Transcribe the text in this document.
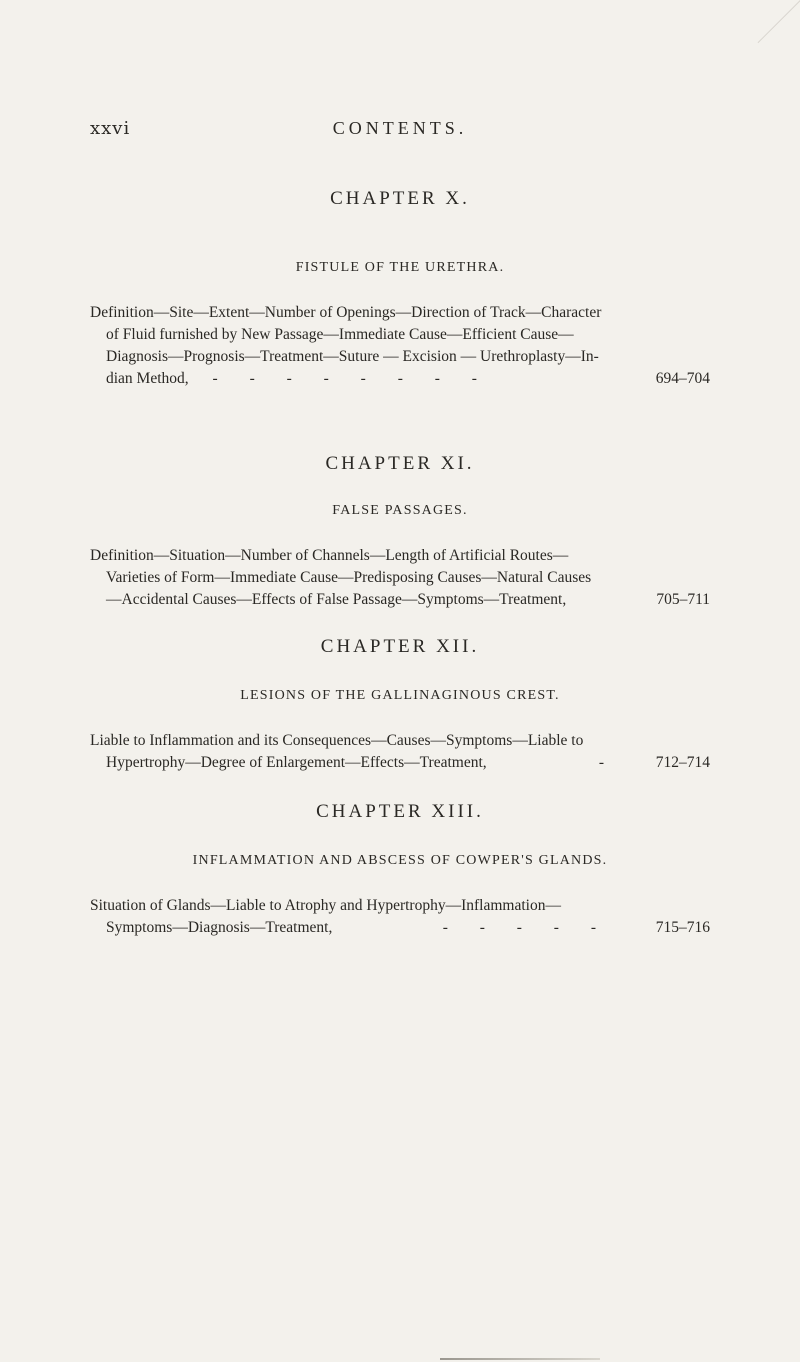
xxvi	CONTENTS.

CHAPTER X.

FISTULE OF THE URETHRA.

Definition—Site—Extent—Number of Openings—Direction of Track—Character
of Fluid furnished by New Passage—Immediate Cause—Efficient Cause—
Diagnosis—Prognosis—Treatment—Suture — Excision — Urethroplasty—In-
dian Method, - - - - - - - -	694–704

CHAPTER XI.

FALSE PASSAGES.

Definition—Situation—Number of Channels—Length of Artificial Routes—
Varieties of Form—Immediate Cause—Predisposing Causes—Natural Causes
—Accidental Causes—Effects of False Passage—Symptoms—Treatment,	705–711

CHAPTER XII.

LESIONS OF THE GALLINAGINOUS CREST.

Liable to Inflammation and its Consequences—Causes—Symptoms—Liable to
Hypertrophy—Degree of Enlargement—Effects—Treatment,	- 712–714

CHAPTER XIII.

INFLAMMATION AND ABSCESS OF COWPER'S GLANDS.

Situation of Glands—Liable to Atrophy and Hypertrophy—Inflammation—
Symptoms—Diagnosis—Treatment,	- - - - -	715–716
